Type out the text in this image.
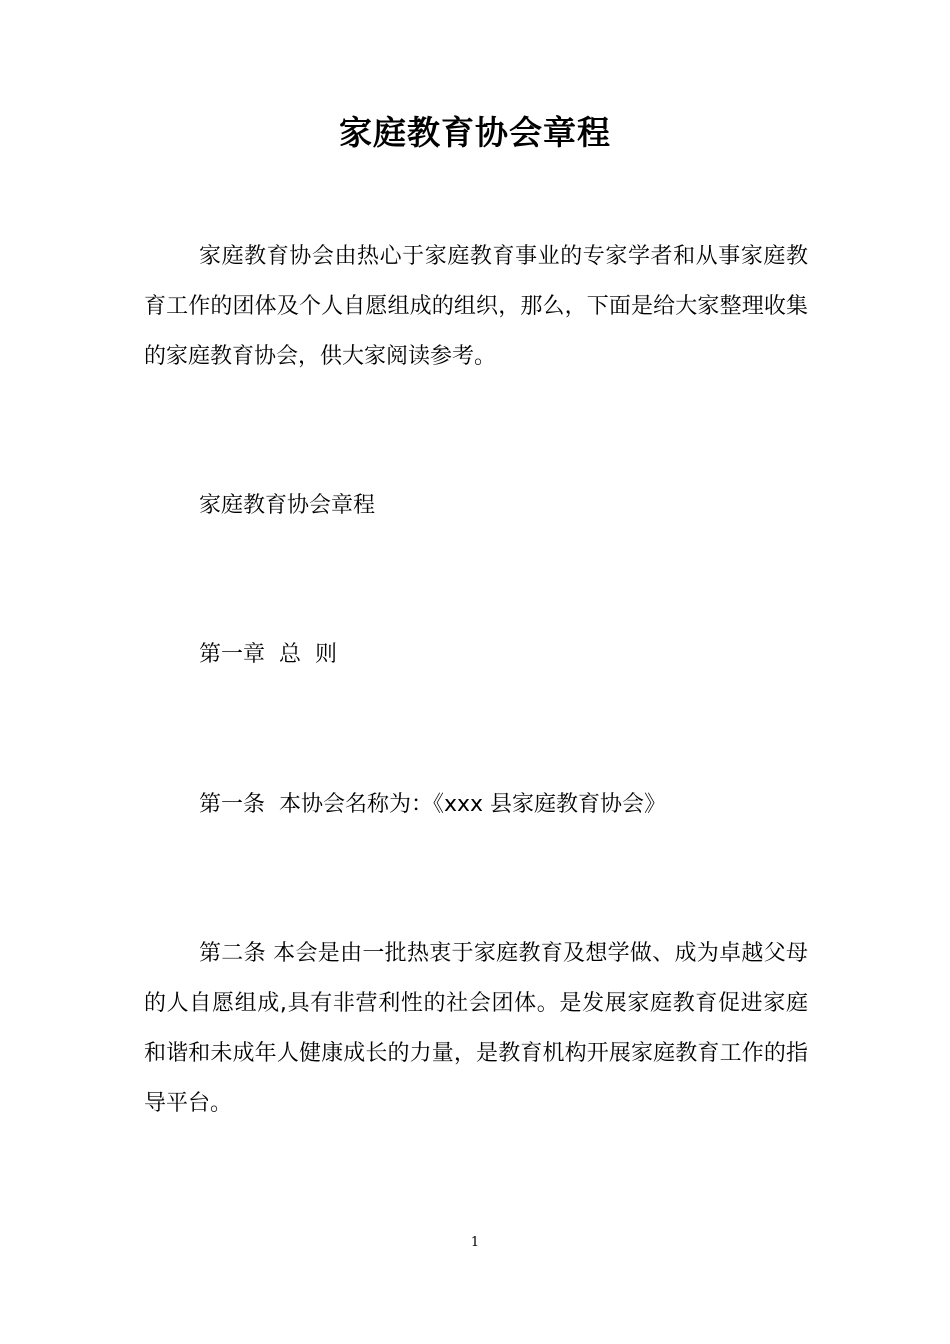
家庭教育协会章程

家庭教育协会由热心于家庭教育事业的专家学者和从事家庭教育工作的团体及个人自愿组成的组织，那么，下面是给大家整理收集的家庭教育协会，供大家阅读参考。

家庭教育协会章程

第一章  总  则

第一条  本协会名称为：《xxx 县家庭教育协会》

第二条 本会是由一批热衷于家庭教育及想学做、成为卓越父母的人自愿组成,具有非营利性的社会团体。是发展家庭教育促进家庭和谐和未成年人健康成长的力量，是教育机构开展家庭教育工作的指导平台。

1
